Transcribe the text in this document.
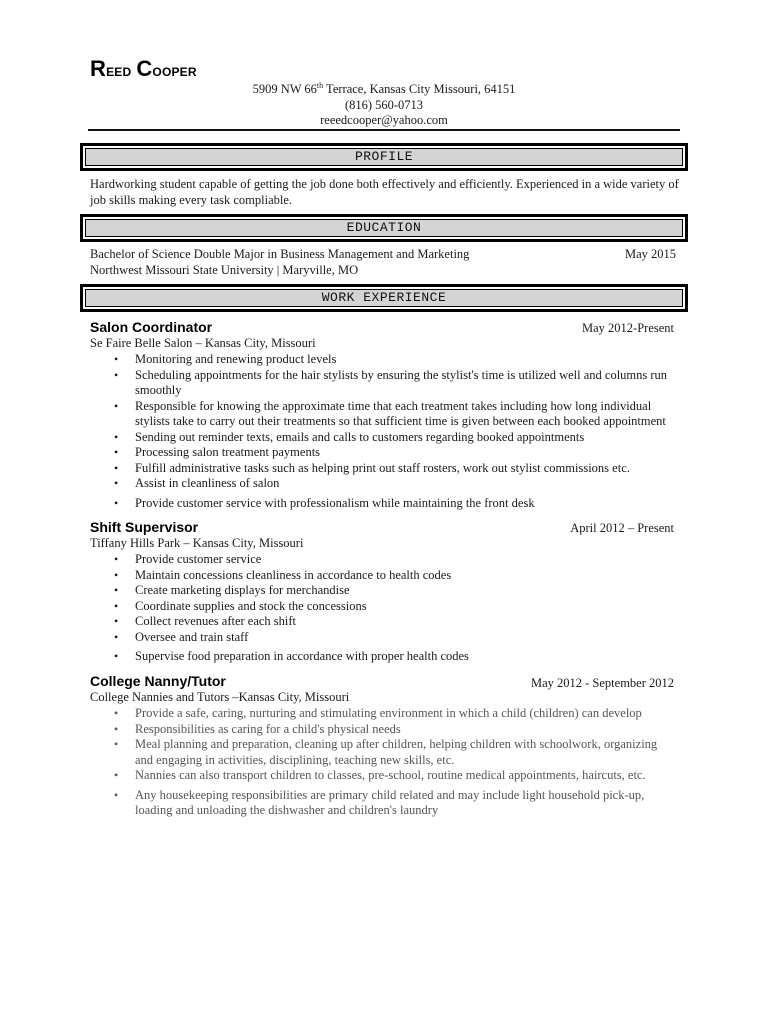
Reed Cooper
5909 NW 66th Terrace, Kansas City Missouri, 64151
(816) 560-0713
reeedcooper@yahoo.com
PROFILE
Hardworking student capable of getting the job done both effectively and efficiently. Experienced in a wide variety of job skills making every task compliable.
EDUCATION
Bachelor of Science Double Major in Business Management and Marketing	May 2015
Northwest Missouri State University | Maryville, MO
WORK EXPERIENCE
Salon Coordinator	May 2012-Present
Se Faire Belle Salon – Kansas City, Missouri
• Monitoring and renewing product levels
• Scheduling appointments for the hair stylists by ensuring the stylist's time is utilized well and columns run smoothly
• Responsible for knowing the approximate time that each treatment takes including how long individual stylists take to carry out their treatments so that sufficient time is given between each booked appointment
• Sending out reminder texts, emails and calls to customers regarding booked appointments
• Processing salon treatment payments
• Fulfill administrative tasks such as helping print out staff rosters, work out stylist commissions etc.
• Assist in cleanliness of salon
• Provide customer service with professionalism while maintaining the front desk
Shift Supervisor	April 2012 – Present
Tiffany Hills Park – Kansas City, Missouri
• Provide customer service
• Maintain concessions cleanliness in accordance to health codes
• Create marketing displays for merchandise
• Coordinate supplies and stock the concessions
• Collect revenues after each shift
• Oversee and train staff
• Supervise food preparation in accordance with proper health codes
College Nanny/Tutor	May 2012 - September 2012
College Nannies and Tutors –Kansas City, Missouri
• Provide a safe, caring, nurturing and stimulating environment in which a child (children) can develop
• Responsibilities as caring for a child's physical needs
• Meal planning and preparation, cleaning up after children, helping children with schoolwork, organizing and engaging in activities, disciplining, teaching new skills, etc.
• Nannies can also transport children to classes, pre-school, routine medical appointments, haircuts, etc.
• Any housekeeping responsibilities are primary child related and may include light household pick-up, loading and unloading the dishwasher and children's laundry
